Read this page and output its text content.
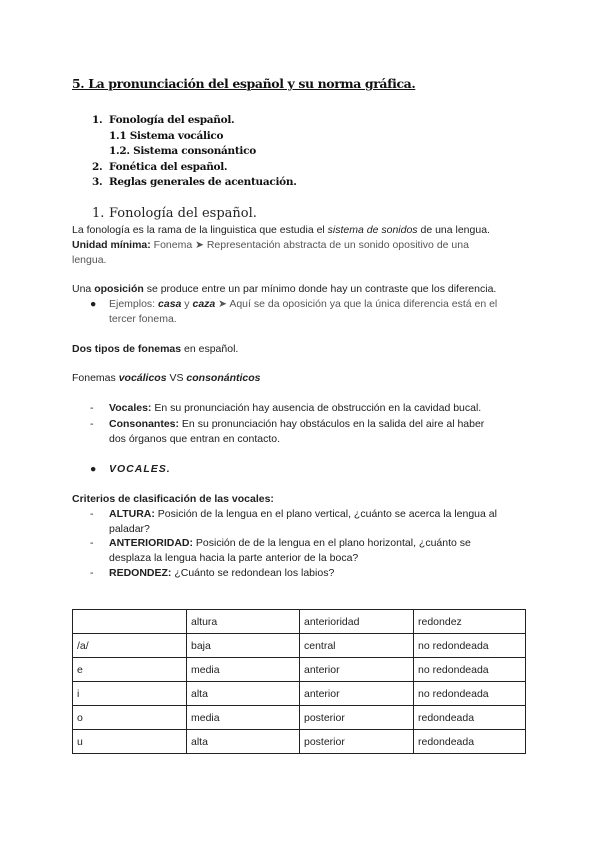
5. La pronunciación del español y su norma gráfica.
1. Fonología del español.
1.1 Sistema vocálico
1.2. Sistema consonántico
2. Fonética del español.
3. Reglas generales de acentuación.
1. Fonología del español.
La fonología es la rama de la linguistica que estudia el sistema de sonidos de una lengua.
Unidad mínima: Fonema ➤ Representación abstracta de un sonido opositivo de una
lengua.
Una oposición se produce entre un par mínimo donde hay un contraste que los diferencia.
●	Ejemplos: casa y caza ➤ Aquí se da oposición ya que la única diferencia está en el
tercer fonema.
Dos tipos de fonemas en español.
Fonemas vocálicos VS consonánticos
-	Vocales: En su pronunciación hay ausencia de obstrucción en la cavidad bucal.
-	Consonantes: En su pronunciación hay obstáculos en la salida del aire al haber
dos órganos que entran en contacto.
●	VOCALES.
Criterios de clasificación de las vocales:
-	ALTURA: Posición de la lengua en el plano vertical, ¿cuánto se acerca la lengua al
paladar?
-	ANTERIORIDAD: Posición de de la lengua en el plano horizontal, ¿cuánto se
desplaza la lengua hacia la parte anterior de la boca?
-	REDONDEZ: ¿Cuánto se redondean los labios?
	altura	anterioridad	redondez
/a/	baja	central	no redondeada
e	media	anterior	no redondeada
i	alta	anterior	no redondeada
o	media	posterior	redondeada
u	alta	posterior	redondeada
